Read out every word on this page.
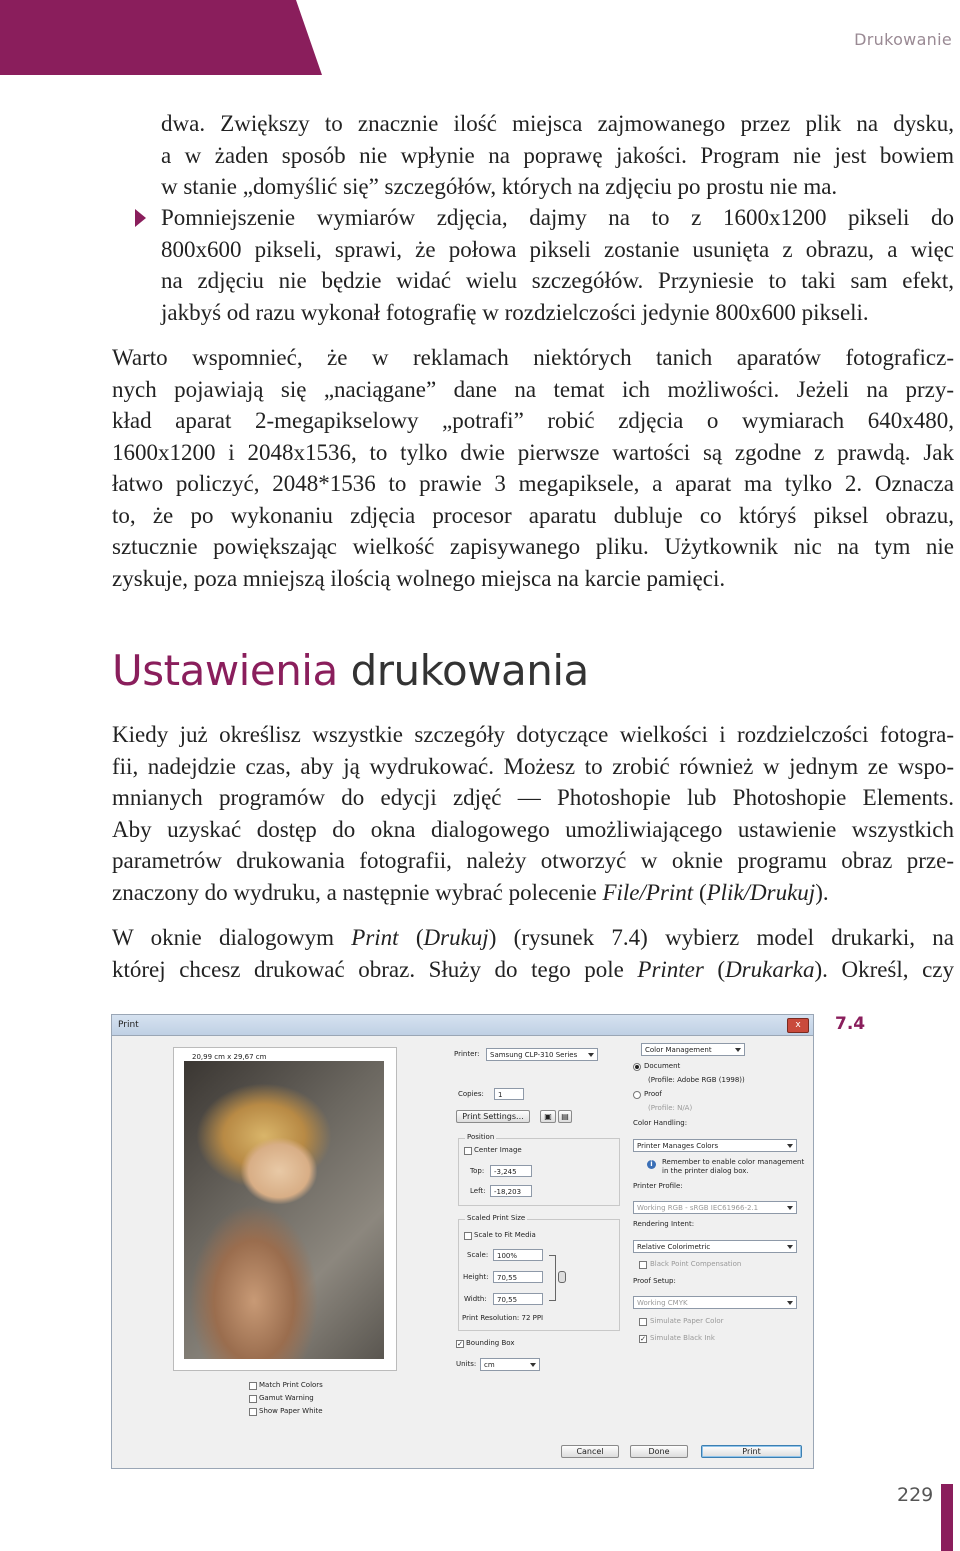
Drukowanie
dwa. Zwiększy to znacznie ilość miejsca zajmowanego przez plik na dysku,
a w żaden sposób nie wpłynie na poprawę jakości. Program nie jest bowiem
w stanie „domyślić się” szczegółów, których na zdjęciu po prostu nie ma.
Pomniejszenie wymiarów zdjęcia, dajmy na to z 1600x1200 pikseli do
800x600 pikseli, sprawi, że połowa pikseli zostanie usunięta z obrazu, a więc
na zdjęciu nie będzie widać wielu szczegółów. Przyniesie to taki sam efekt,
jakbyś od razu wykonał fotografię w rozdzielczości jedynie 800x600 pikseli.
Warto wspomnieć, że w reklamach niektórych tanich aparatów fotograficz-
nych pojawiają się „naciągane” dane na temat ich możliwości. Jeżeli na przy-
kład aparat 2-megapikselowy „potrafi” robić zdjęcia o wymiarach 640x480,
1600x1200 i 2048x1536, to tylko dwie pierwsze wartości są zgodne z prawdą. Jak
łatwo policzyć, 2048*1536 to prawie 3 megapiksele, a aparat ma tylko 2. Oznacza
to, że po wykonaniu zdjęcia procesor aparatu dubluje co któryś piksel obrazu,
sztucznie powiększając wielkość zapisywanego pliku. Użytkownik nic na tym nie
zyskuje, poza mniejszą ilością wolnego miejsca na karcie pamięci.
Ustawienia drukowania
Kiedy już określisz wszystkie szczegóły dotyczące wielkości i rozdzielczości fotogra-
fii, nadejdzie czas, aby ją wydrukować. Możesz to zrobić również w jednym ze wspo-
mnianych programów do edycji zdjęć — Photoshopie lub Photoshopie Elements.
Aby uzyskać dostęp do okna dialogowego umożliwiającego ustawienie wszystkich
parametrów drukowania fotografii, należy otworzyć w oknie programu obraz prze-
znaczony do wydruku, a następnie wybrać polecenie File/Print (Plik/Drukuj).
W oknie dialogowym Print (Drukuj) (rysunek 7.4) wybierz model drukarki, na
której chcesz drukować obraz. Służy do tego pole Printer (Drukarka). Określ, czy
Print	x
20,99 cm x 29,67 cm
Match Print Colors
Gamut Warning
Show Paper White
Printer:	Samsung CLP-310 Series
Copies:	1
Print Settings...	▣	▤
Position
Center Image
Top:	-3,245
Left:	-18,203
Scaled Print Size
Scale to Fit Media
Scale:	100%
Height:	70,55
Width:	70,55
Print Resolution: 72 PPI
✓ Bounding Box
Units:	cm
Color Management
Document
(Profile: Adobe RGB (1998))
Proof
(Profile: N/A)
Color Handling:
Printer Manages Colors
i	Remember to enable color management
in the printer dialog box.
Printer Profile:
Working RGB - sRGB IEC61966-2.1
Rendering Intent:
Relative Colorimetric
Black Point Compensation
Proof Setup:
Working CMYK
Simulate Paper Color
✓ Simulate Black Ink
Cancel	Done	Print
7.4
229
